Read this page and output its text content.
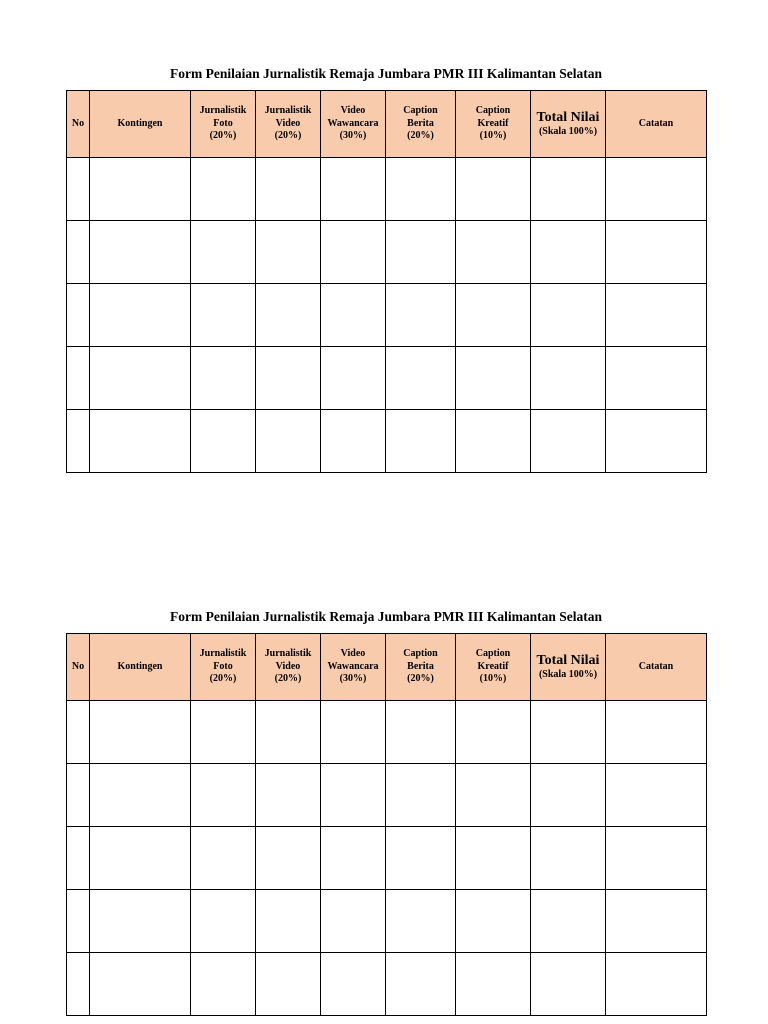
Form Penilaian Jurnalistik Remaja Jumbara PMR III Kalimantan Selatan
No	Kontingen	Jurnalistik
Foto
(20%)	Jurnalistik
Video
(20%)	Video
Wawancara
(30%)	Caption
Berita
(20%)	Caption
Kreatif
(10%)	Total Nilai
(Skala 100%)	Catatan

Form Penilaian Jurnalistik Remaja Jumbara PMR III Kalimantan Selatan
No	Kontingen	Jurnalistik
Foto
(20%)	Jurnalistik
Video
(20%)	Video
Wawancara
(30%)	Caption
Berita
(20%)	Caption
Kreatif
(10%)	Total Nilai
(Skala 100%)	Catatan
